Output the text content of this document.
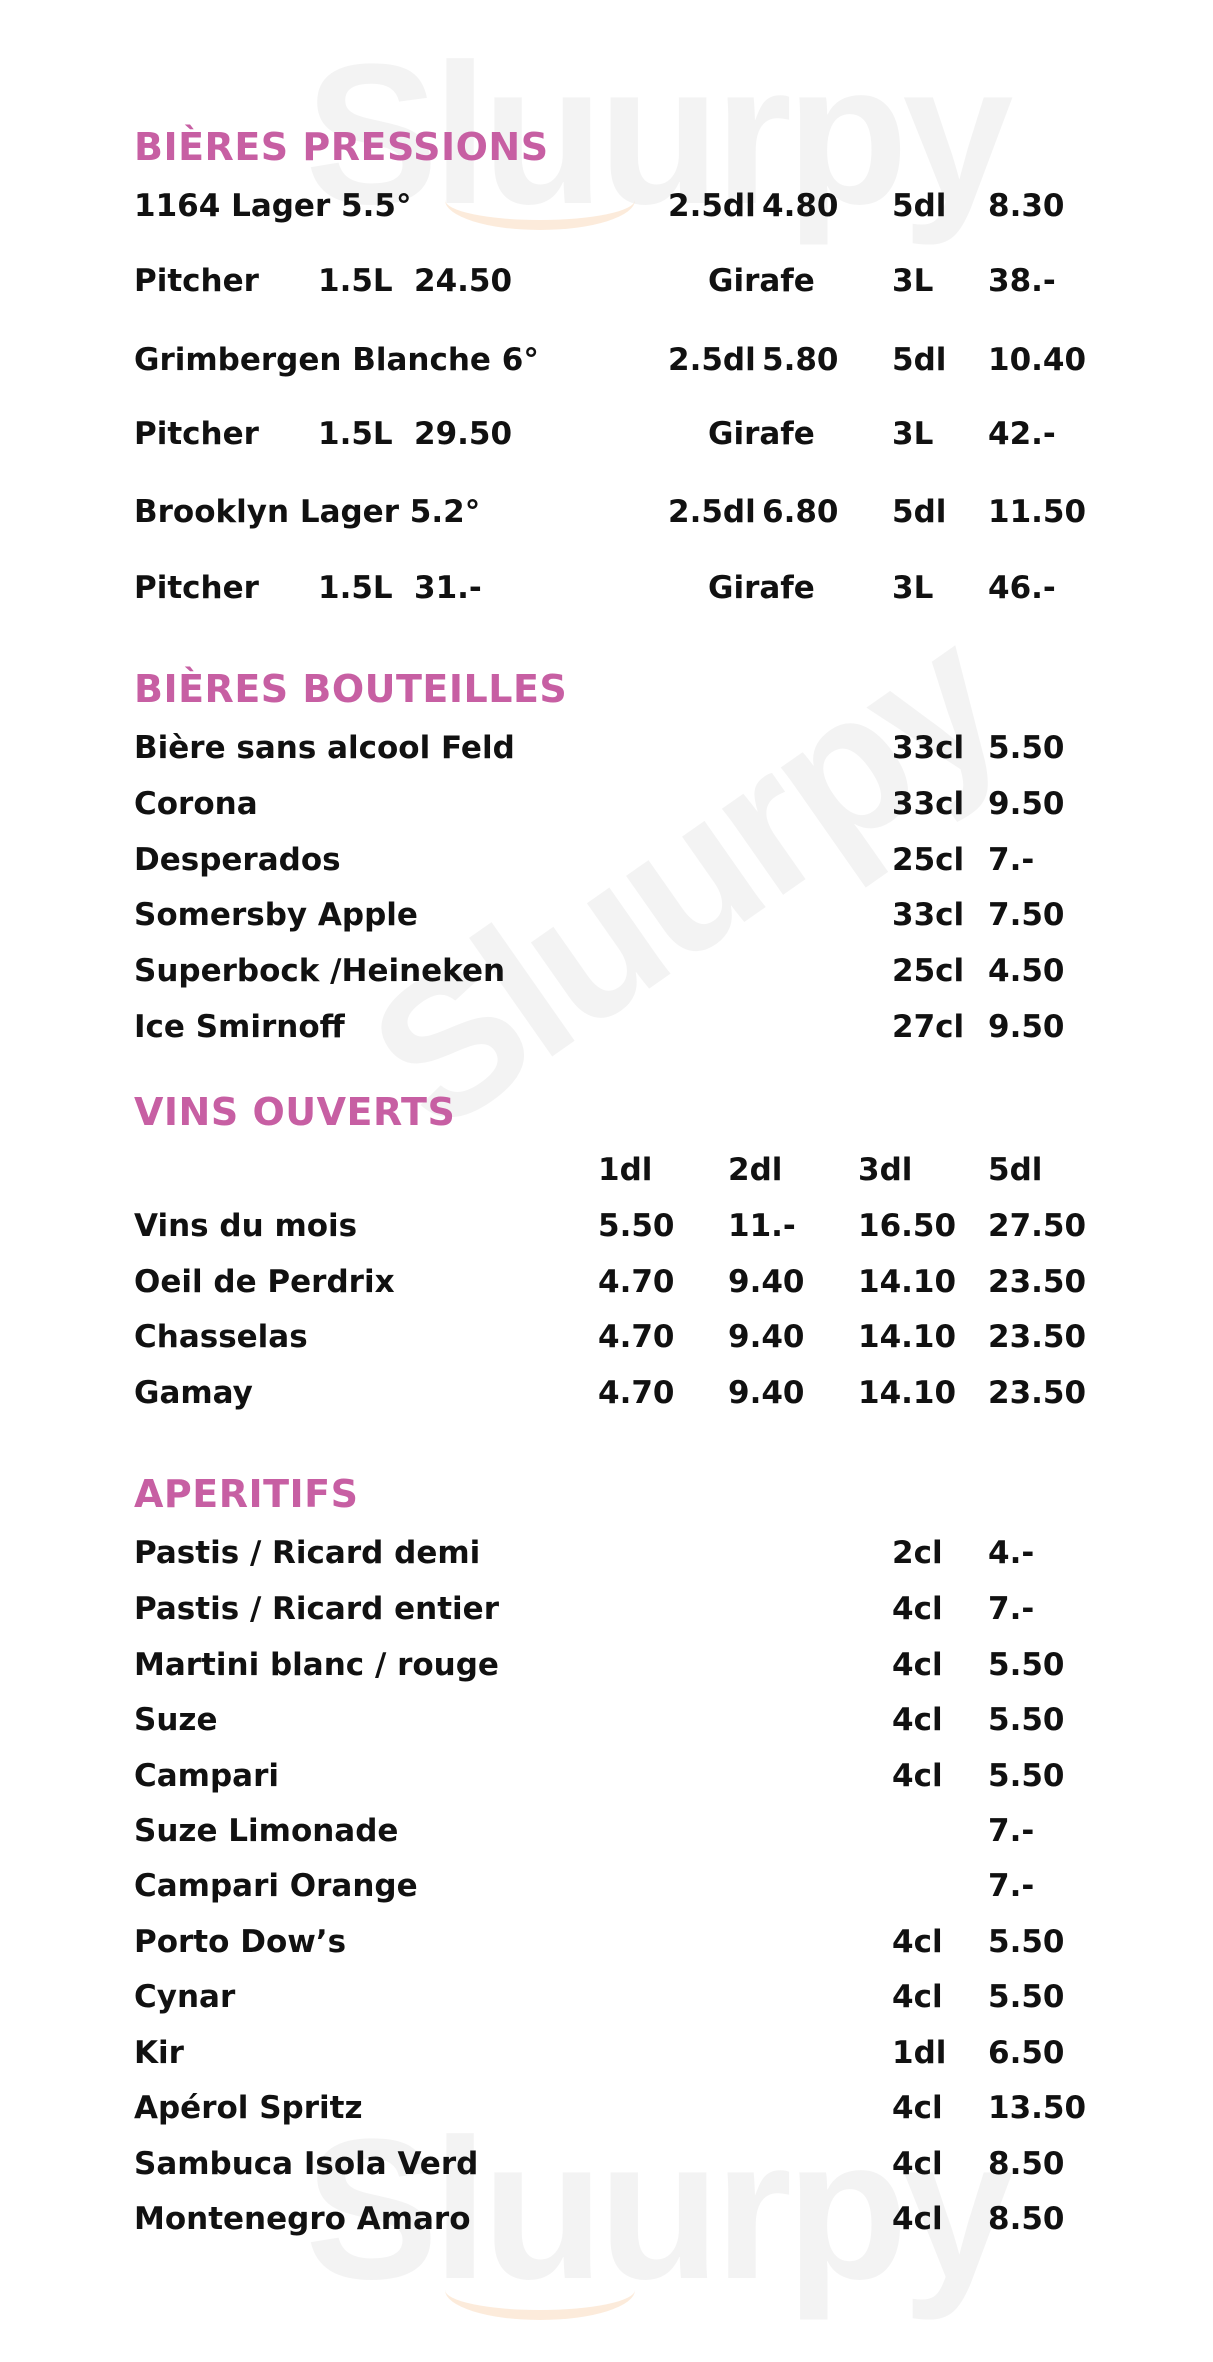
BIÈRES PRESSIONS
1164 Lager 5.5°	2.5dl 4.80 5dl 8.30
Pitcher 1.5L 24.50	Girafe 3L 38.-
Grimbergen Blanche 6°	2.5dl 5.80 5dl 10.40
Pitcher 1.5L 29.50	Girafe 3L 42.-
Brooklyn Lager 5.2°	2.5dl 6.80 5dl 11.50
Pitcher 1.5L 31.-	Girafe 3L 46.-
BIÈRES BOUTEILLES
Bière sans alcool Feld	33cl 5.50
Corona	33cl 9.50
Desperados	25cl 7.-
Somersby Apple	33cl 7.50
Superbock /Heineken	25cl 4.50
Ice Smirnoff	27cl 9.50
VINS OUVERTS
1dl 2dl 3dl 5dl
Vins du mois	5.50 11.- 16.50 27.50
Oeil de Perdrix	4.70 9.40 14.10 23.50
Chasselas	4.70 9.40 14.10 23.50
Gamay	4.70 9.40 14.10 23.50
APERITIFS
Pastis / Ricard demi	2cl 4.-
Pastis / Ricard entier	4cl 7.-
Martini blanc / rouge	4cl 5.50
Suze	4cl 5.50
Campari	4cl 5.50
Suze Limonade	7.-
Campari Orange	7.-
Porto Dow’s	4cl 5.50
Cynar	4cl 5.50
Kir	1dl 6.50
Apérol Spritz	4cl 13.50
Sambuca Isola Verd	4cl 8.50
Montenegro Amaro	4cl 8.50
